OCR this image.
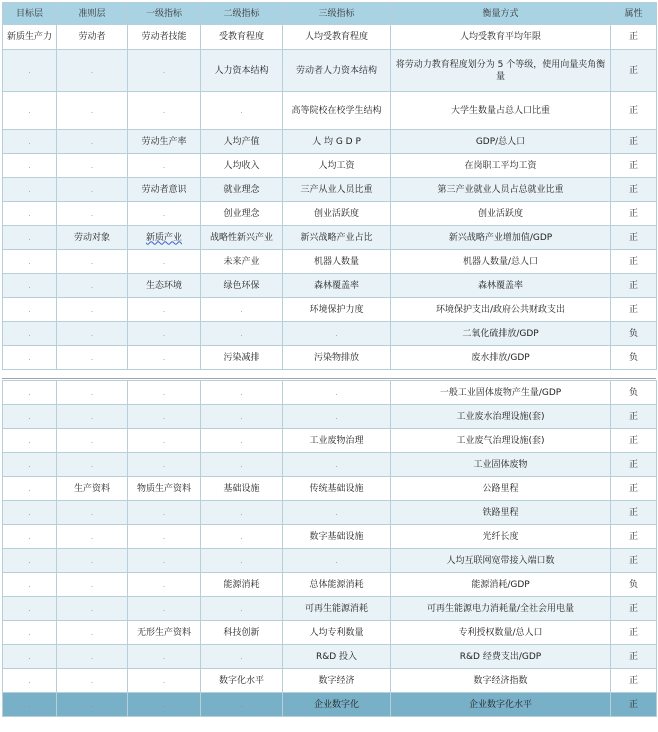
目标层	准则层	一级指标	二级指标	三级指标	衡量方式	属性
新质生产力	劳动者	劳动者技能	受教育程度	人均受教育程度	人均受教育平均年限	正
.	.	.	人力资本结构	劳动者人力资本结构	将劳动力教育程度划分为 5 个等级，使用向量夹角衡量	正
.	.	.	.	高等院校在校学生结构	大学生数量占总人口比重	正
.	.	劳动生产率	人均产值	人 均 G D P	GDP/总人口	正
.	.	.	人均收入	人均工资	在岗职工平均工资	正
.	.	劳动者意识	就业理念	三产从业人员比重	第三产业就业人员占总就业比重	正
.	.	.	创业理念	创业活跃度	创业活跃度	正
.	劳动对象	新质产业	战略性新兴产业	新兴战略产业占比	新兴战略产业增加值/GDP	正
.	.	.	未来产业	机器人数量	机器人数量/总人口	正
.	.	生态环境	绿色环保	森林覆盖率	森林覆盖率	正
.	.	.	.	环境保护力度	环境保护支出/政府公共财政支出	正
.	.	.	.	.	二氧化硫排放/GDP	负
.	.	.	污染减排	污染物排放	废水排放/GDP	负
.	.	.	.	.	一般工业固体废物产生量/GDP	负
.	.	.	.	.	工业废水治理设施(套)	正
.	.	.	.	工业废物治理	工业废气治理设施(套)	正
.	.	.	.	.	工业固体废物	正
.	生产资料	物质生产资料	基础设施	传统基础设施	公路里程	正
.	.	.	.	.	铁路里程	正
.	.	.	.	数字基础设施	光纤长度	正
.	.	.	.	.	人均互联网宽带接入端口数	正
.	.	.	能源消耗	总体能源消耗	能源消耗/GDP	负
.	.	.	.	可再生能源消耗	可再生能源电力消耗量/全社会用电量	正
.	.	无形生产资料	科技创新	人均专利数量	专利授权数量/总人口	正
.	.	.	.	R&D 投入	R&D 经费支出/GDP	正
.	.	.	数字化水平	数字经济	数字经济指数	正
.	.	.	.	企业数字化	企业数字化水平	正
